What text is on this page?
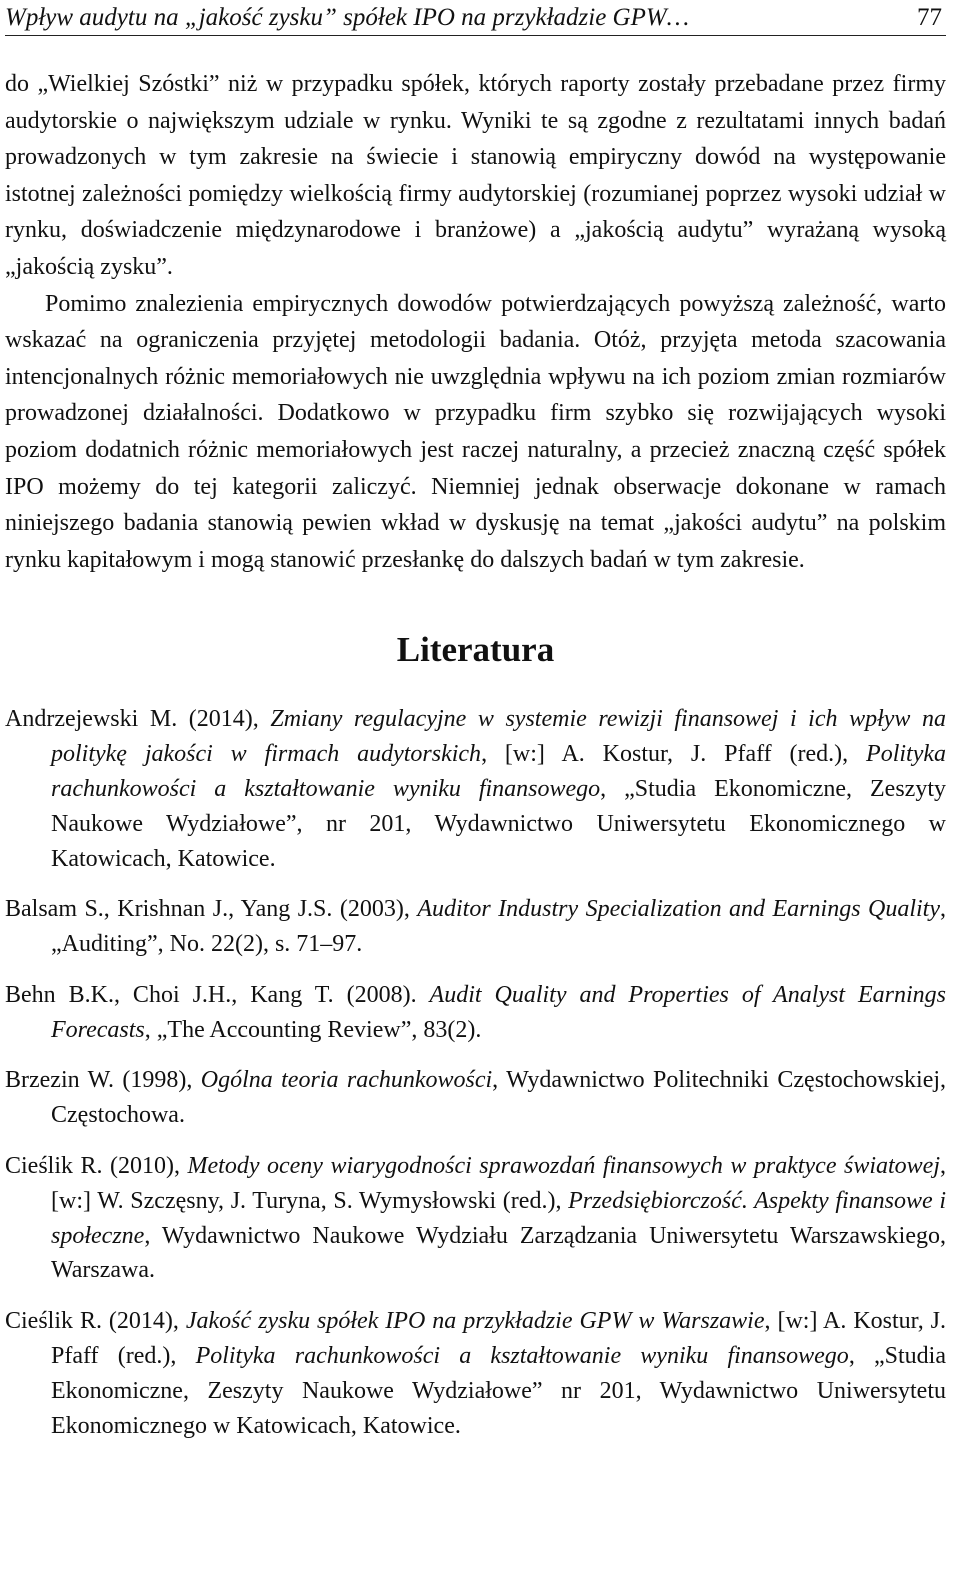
Wpływ audytu na „jakość zysku” spółek IPO na przykładzie GPW…	77

do „Wielkiej Szóstki” niż w przypadku spółek, których raporty zostały przebadane przez firmy audytorskie o największym udziale w rynku. Wyniki te są zgodne z rezultatami innych badań prowadzonych w tym zakresie na świecie i stanowią empiryczny dowód na występowanie istotnej zależności pomiędzy wielkością firmy audytorskiej (rozumianej poprzez wysoki udział w rynku, doświadczenie międzynarodowe i branżowe) a „jakością audytu” wyrażaną wysoką „jakością zysku”.

Pomimo znalezienia empirycznych dowodów potwierdzających powyższą zależność, warto wskazać na ograniczenia przyjętej metodologii badania. Otóż, przyjęta metoda szacowania intencjonalnych różnic memoriałowych nie uwzględnia wpływu na ich poziom zmian rozmiarów prowadzonej działalności. Dodatkowo w przypadku firm szybko się rozwijających wysoki poziom dodatnich różnic memoriałowych jest raczej naturalny, a przecież znaczną część spółek IPO możemy do tej kategorii zaliczyć. Niemniej jednak obserwacje dokonane w ramach niniejszego badania stanowią pewien wkład w dyskusję na temat „jakości audytu” na polskim rynku kapitałowym i mogą stanowić przesłankę do dalszych badań w tym zakresie.

Literatura

Andrzejewski M. (2014), Zmiany regulacyjne w systemie rewizji finansowej i ich wpływ na politykę jakości w firmach audytorskich, [w:] A. Kostur, J. Pfaff (red.), Polityka rachunkowości a kształtowanie wyniku finansowego, „Studia Ekonomiczne, Zeszyty Naukowe Wydziałowe”, nr 201, Wydawnictwo Uniwersytetu Ekonomicznego w Katowicach, Katowice.

Balsam S., Krishnan J., Yang J.S. (2003), Auditor Industry Specialization and Earnings Quality, „Auditing”, No. 22(2), s. 71–97.

Behn B.K., Choi J.H., Kang T. (2008). Audit Quality and Properties of Analyst Earnings Forecasts, „The Accounting Review”, 83(2).

Brzezin W. (1998), Ogólna teoria rachunkowości, Wydawnictwo Politechniki Częstochowskiej, Częstochowa.

Cieślik R. (2010), Metody oceny wiarygodności sprawozdań finansowych w praktyce światowej, [w:] W. Szczęsny, J. Turyna, S. Wymysłowski (red.), Przedsiębiorczość. Aspekty finansowe i społeczne, Wydawnictwo Naukowe Wydziału Zarządzania Uniwersytetu Warszawskiego, Warszawa.

Cieślik R. (2014), Jakość zysku spółek IPO na przykładzie GPW w Warszawie, [w:] A. Kostur, J. Pfaff (red.), Polityka rachunkowości a kształtowanie wyniku finansowego, „Studia Ekonomiczne, Zeszyty Naukowe Wydziałowe” nr 201, Wydawnictwo Uniwersytetu Ekonomicznego w Katowicach, Katowice.
